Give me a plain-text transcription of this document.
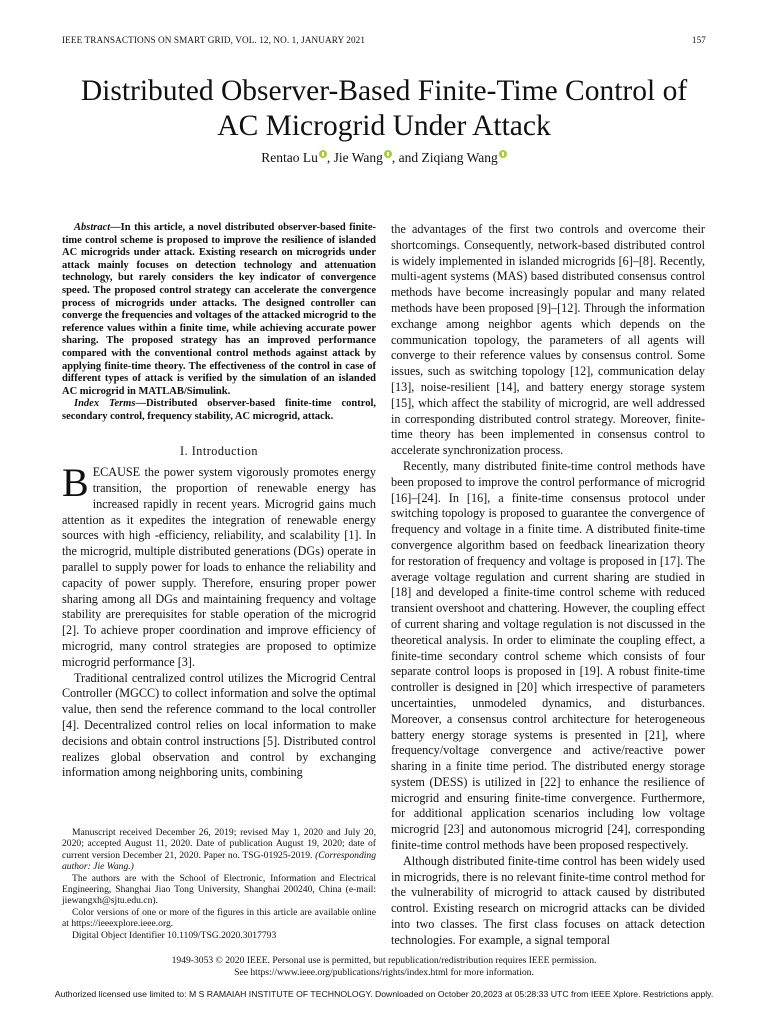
IEEE TRANSACTIONS ON SMART GRID, VOL. 12, NO. 1, JANUARY 2021	157
Distributed Observer-Based Finite-Time Control of
AC Microgrid Under Attack
Rentao Lu , Jie Wang , and Ziqiang Wang

Abstract—In this article, a novel distributed observer-based finite-time control scheme is proposed to improve the resilience of islanded AC microgrids under attack. Existing research on microgrids under attack mainly focuses on detection technology and attenuation technology, but rarely considers the key indicator of convergence speed. The proposed control strategy can accelerate the convergence process of microgrids under attacks. The designed controller can converge the frequencies and voltages of the attacked microgrid to the reference values within a finite time, while achieving accurate power sharing. The proposed strategy has an improved performance compared with the conventional control methods against attack by applying finite-time theory. The effectiveness of the control in case of different types of attack is verified by the simulation of an islanded AC microgrid in MATLAB/Simulink.

Index Terms—Distributed observer-based finite-time control, secondary control, frequency stability, AC microgrid, attack.

I. Introduction

BECAUSE the power system vigorously promotes energy transition, the proportion of renewable energy has increased rapidly in recent years. Microgrid gains much attention as it expedites the integration of renewable energy sources with high -efficiency, reliability, and scalability [1]. In the microgrid, multiple distributed generations (DGs) operate in parallel to supply power for loads to enhance the reliability and capacity of power supply. Therefore, ensuring proper power sharing among all DGs and maintaining frequency and voltage stability are prerequisites for stable operation of the microgrid [2]. To achieve proper coordination and improve efficiency of microgrid, many control strategies are proposed to optimize microgrid performance [3].

Traditional centralized control utilizes the Microgrid Central Controller (MGCC) to collect information and solve the optimal value, then send the reference command to the local controller [4]. Decentralized control relies on local information to make decisions and obtain control instructions [5]. Distributed control realizes global observation and control by exchanging information among neighboring units, combining

the advantages of the first two controls and overcome their shortcomings. Consequently, network-based distributed control is widely implemented in islanded microgrids [6]–[8]. Recently, multi-agent systems (MAS) based distributed consensus control methods have become increasingly popular and many related methods have been proposed [9]–[12]. Through the information exchange among neighbor agents which depends on the communication topology, the parameters of all agents will converge to their reference values by consensus control. Some issues, such as switching topology [12], communication delay [13], noise-resilient [14], and battery energy storage system [15], which affect the stability of microgrid, are well addressed in corresponding distributed control strategy. Moreover, finite-time theory has been implemented in consensus control to accelerate synchronization process.

Recently, many distributed finite-time control methods have been proposed to improve the control performance of microgrid [16]–[24]. In [16], a finite-time consensus protocol under switching topology is proposed to guarantee the convergence of frequency and voltage in a finite time. A distributed finite-time convergence algorithm based on feedback linearization theory for restoration of frequency and voltage is proposed in [17]. The average voltage regulation and current sharing are studied in [18] and developed a finite-time control scheme with reduced transient overshoot and chattering. However, the coupling effect of current sharing and voltage regulation is not discussed in the theoretical analysis. In order to eliminate the coupling effect, a finite-time secondary control scheme which consists of four separate control loops is proposed in [19]. A robust finite-time controller is designed in [20] which irrespective of parameters uncertainties, unmodeled dynamics, and disturbances. Moreover, a consensus control architecture for heterogeneous battery energy storage systems is presented in [21], where frequency/voltage convergence and active/reactive power sharing in a finite time period. The distributed energy storage system (DESS) is utilized in [22] to enhance the resilience of microgrid and ensuring finite-time convergence. Furthermore, for additional application scenarios including low voltage microgrid [23] and autonomous microgrid [24], corresponding finite-time control methods have been proposed respectively.

Although distributed finite-time control has been widely used in microgrids, there is no relevant finite-time control method for the vulnerability of microgrid to attack caused by distributed control. Existing research on microgrid attacks can be divided into two classes. The first class focuses on attack detection technologies. For example, a signal temporal

Manuscript received December 26, 2019; revised May 1, 2020 and July 20, 2020; accepted August 11, 2020. Date of publication August 19, 2020; date of current version December 21, 2020. Paper no. TSG-01925-2019. (Corresponding author: Jie Wang.)

The authors are with the School of Electronic, Information and Electrical Engineering, Shanghai Jiao Tong University, Shanghai 200240, China (e-mail: jiewangxh@sjtu.edu.cn).

Color versions of one or more of the figures in this article are available online at https://ieeexplore.ieee.org.

Digital Object Identifier 10.1109/TSG.2020.3017793

1949-3053 © 2020 IEEE. Personal use is permitted, but republication/redistribution requires IEEE permission.
See https://www.ieee.org/publications/rights/index.html for more information.
Authorized licensed use limited to: M S RAMAIAH INSTITUTE OF TECHNOLOGY. Downloaded on October 20,2023 at 05:28:33 UTC from IEEE Xplore. Restrictions apply.
